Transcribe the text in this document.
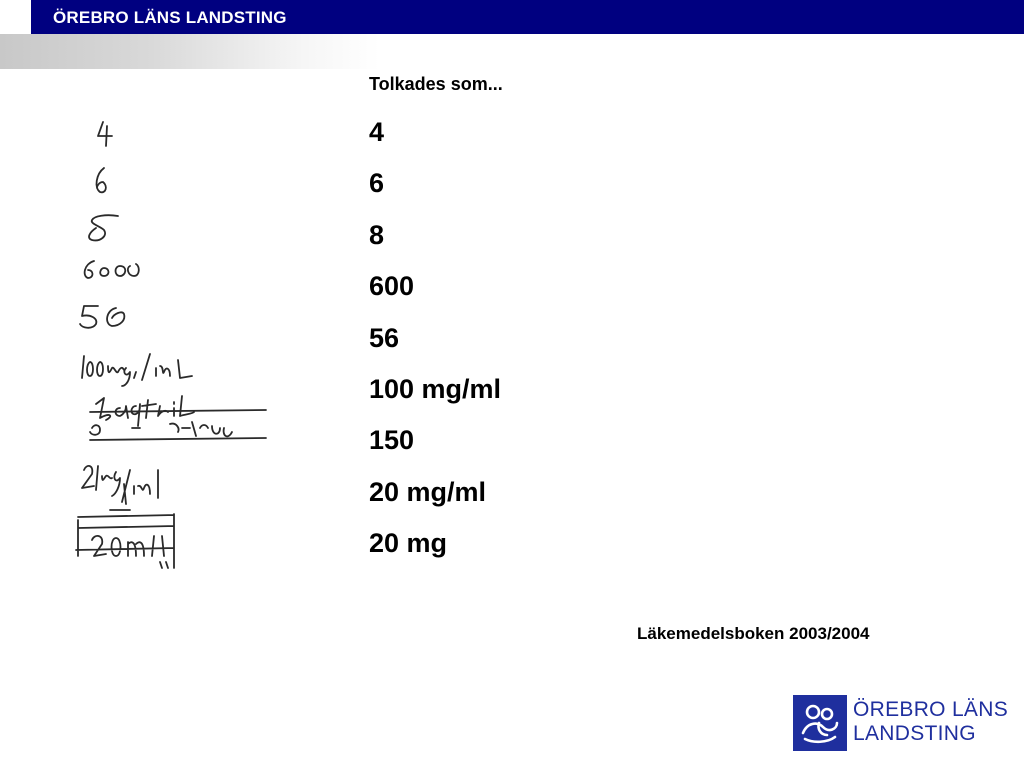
ÖREBRO LÄNS LANDSTING
Tolkades som...
4
6
8
600
56
100 mg/ml
150
20 mg/ml
20 mg
Läkemedelsboken 2003/2004
ÖREBRO LÄNS
LANDSTING
